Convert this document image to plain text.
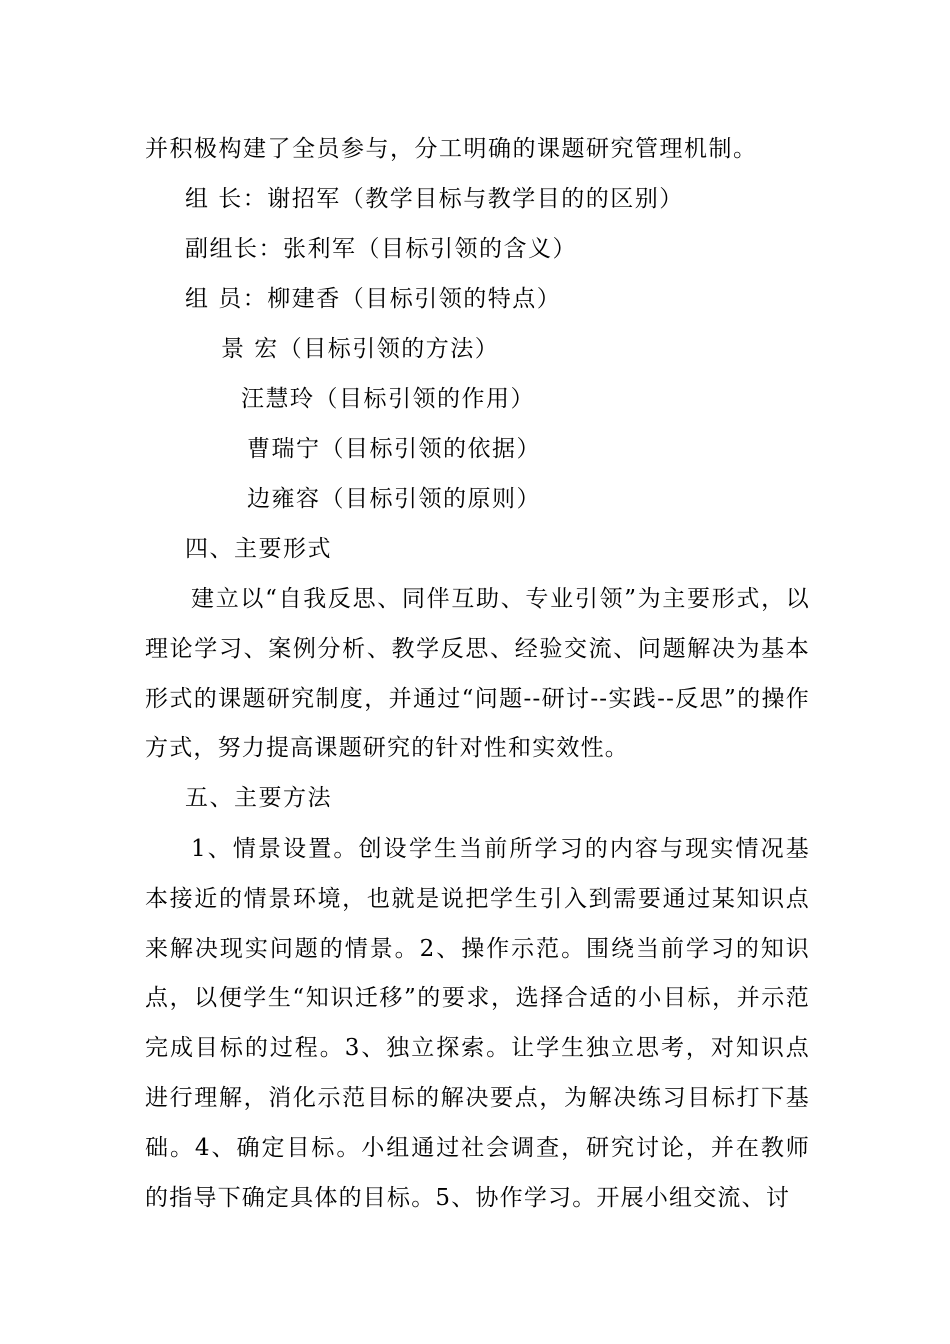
并积极构建了全员参与，分工明确的课题研究管理机制。
组 长：谢招军（教学目标与教学目的的区别）
副组长：张利军（目标引领的含义）
组 员：柳建香（目标引领的特点）
景 宏（目标引领的方法）
汪慧玲（目标引领的作用）
曹瑞宁（目标引领的依据）
边雍容（目标引领的原则）
四、主要形式
建立以“自我反思、同伴互助、专业引领”为主要形式，以理论学习、案例分析、教学反思、经验交流、问题解决为基本形式的课题研究制度，并通过“问题--研讨--实践--反思”的操作方式，努力提高课题研究的针对性和实效性。
五、主要方法
1、情景设置。创设学生当前所学习的内容与现实情况基本接近的情景环境，也就是说把学生引入到需要通过某知识点来解决现实问题的情景。2、操作示范。围绕当前学习的知识点，以便学生“知识迁移”的要求，选择合适的小目标，并示范完成目标的过程。3、独立探索。让学生独立思考，对知识点进行理解，消化示范目标的解决要点，为解决练习目标打下基础。4、确定目标。小组通过社会调查，研究讨论，并在教师的指导下确定具体的目标。5、协作学习。开展小组交流、讨
